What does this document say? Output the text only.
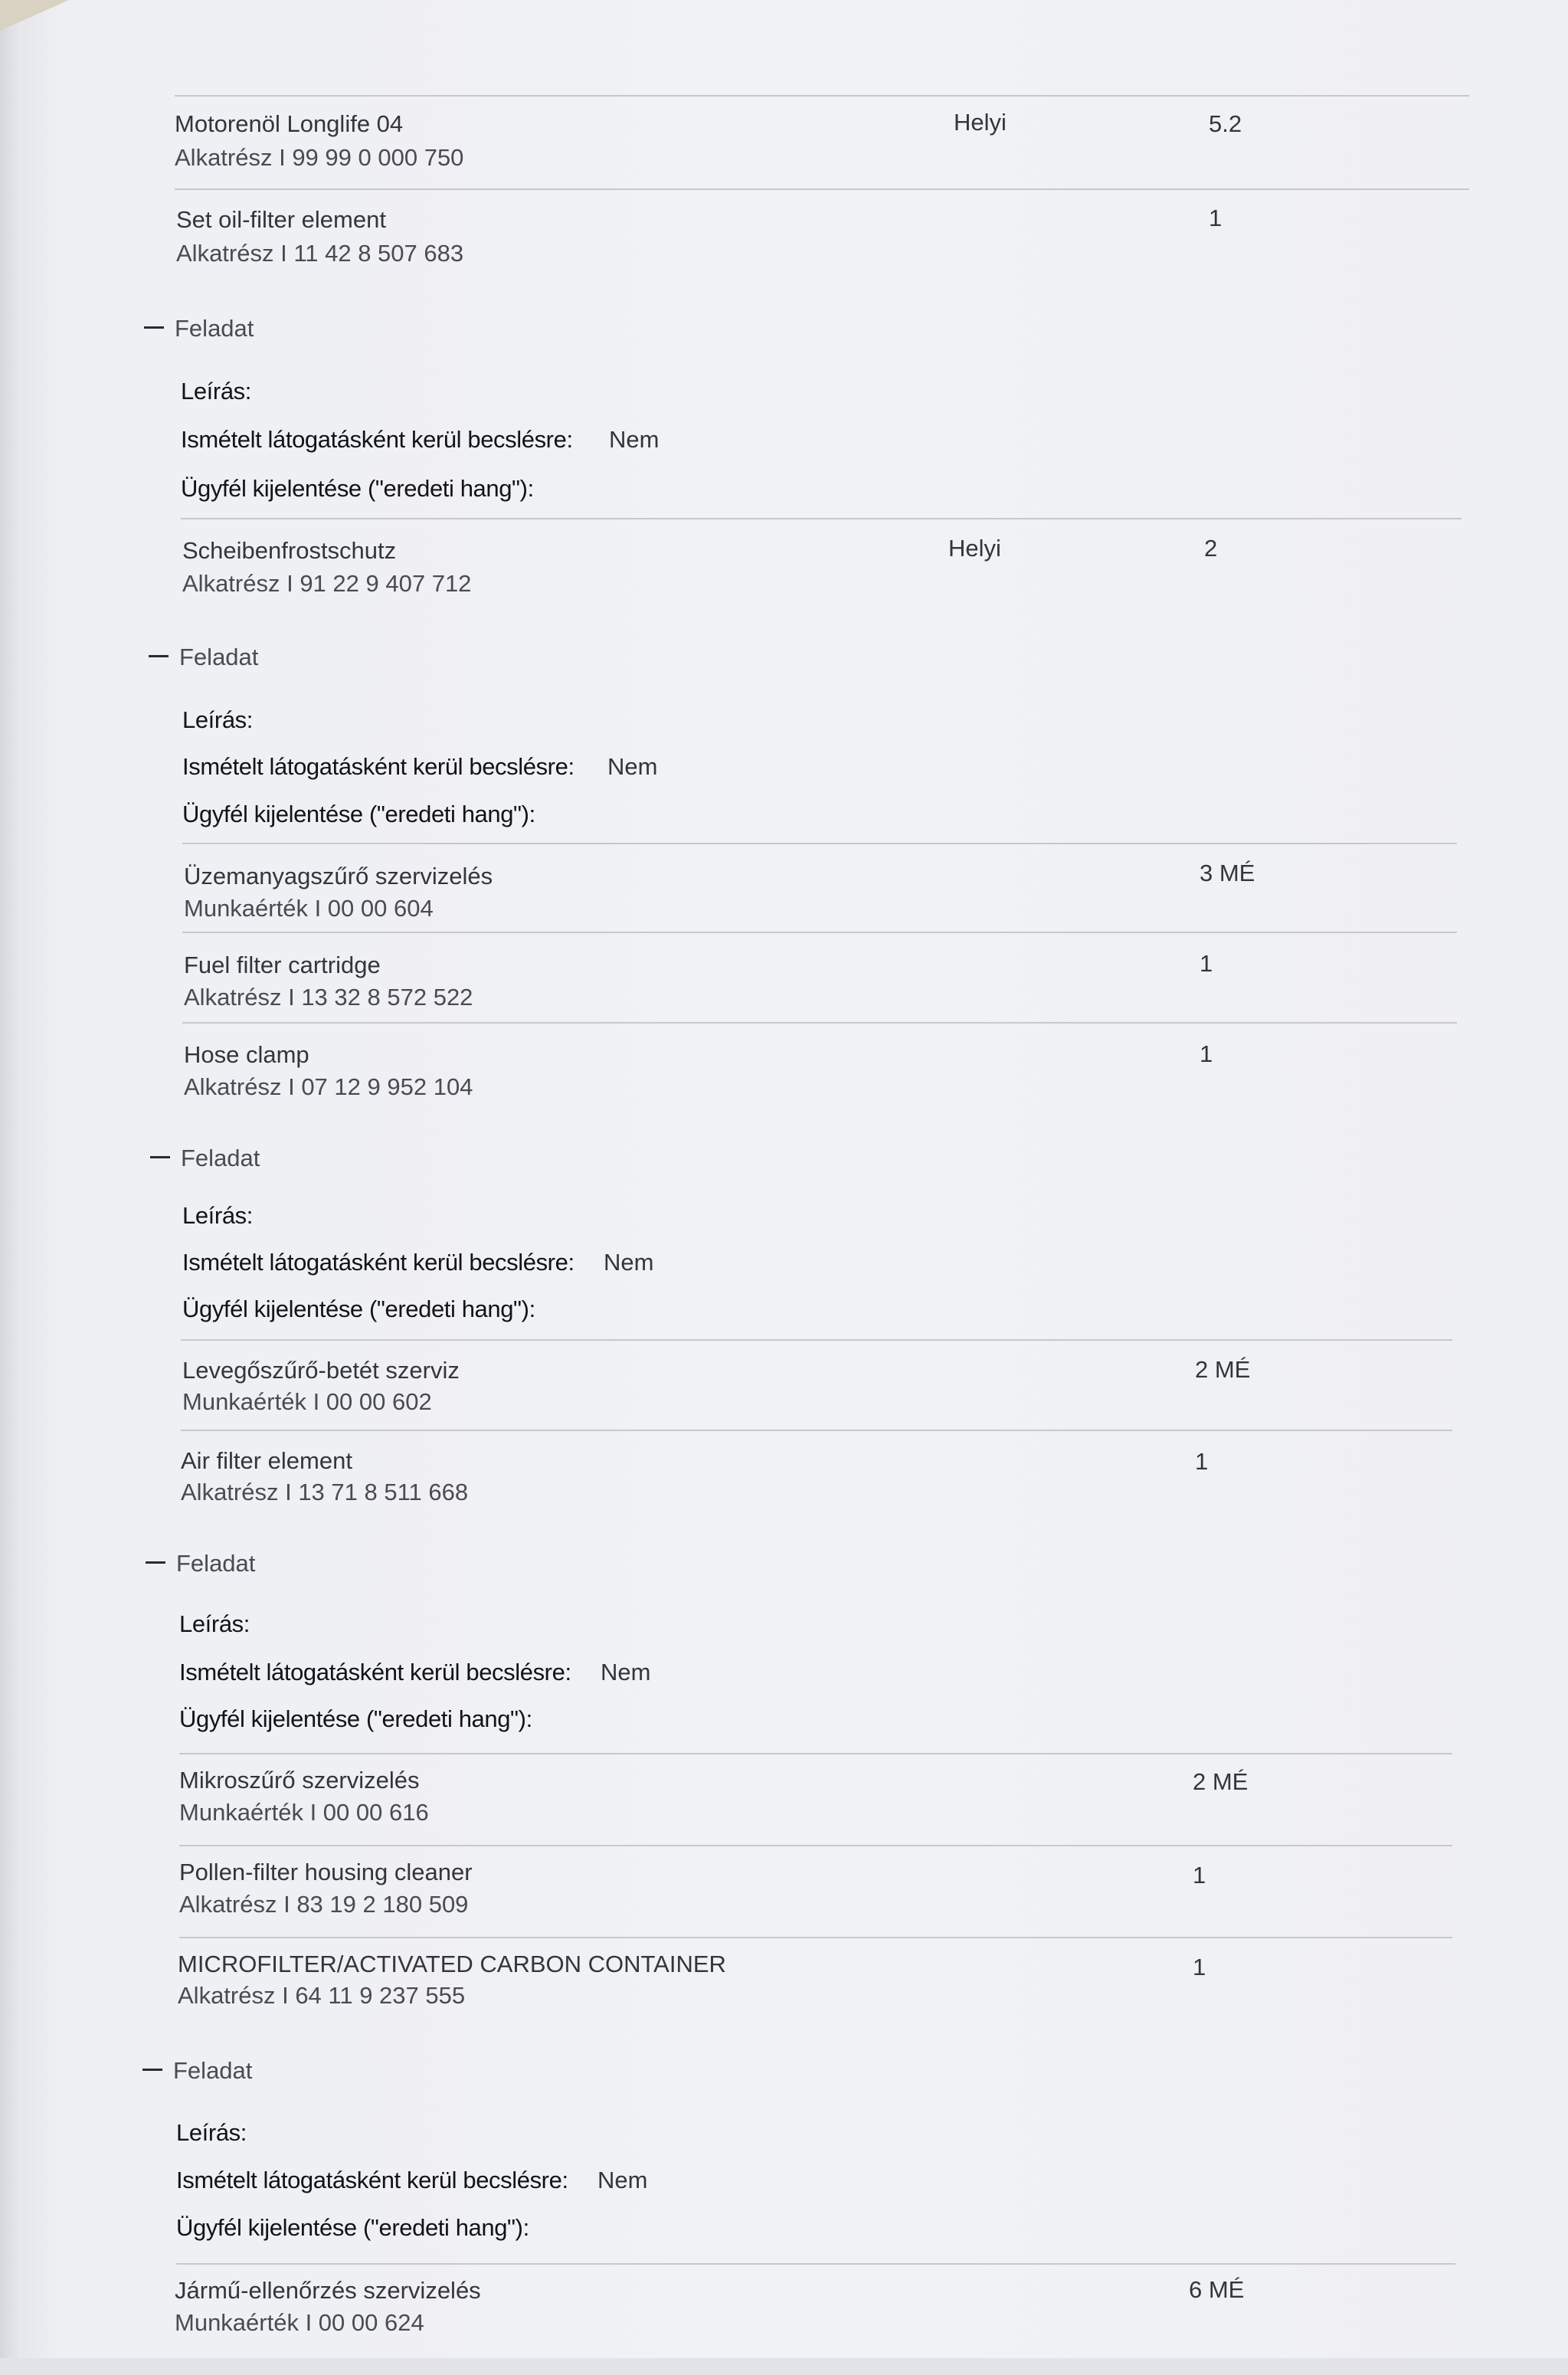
Motorenöl Longlife 04
Alkatrész I 99 99 0 000 750
Helyi	5.2
Set oil-filter element
Alkatrész I 11 42 8 507 683
1
Feladat
Leírás:
Ismételt látogatásként kerül becslésre: Nem
Ügyfél kijelentése ("eredeti hang"):
Scheibenfrostschutz
Alkatrész I 91 22 9 407 712
Helyi	2
Feladat
Leírás:
Ismételt látogatásként kerül becslésre: Nem
Ügyfél kijelentése ("eredeti hang"):
Üzemanyagszűrő szervizelés
Munkaérték I 00 00 604
3 MÉ
Fuel filter cartridge
Alkatrész I 13 32 8 572 522
1
Hose clamp
Alkatrész I 07 12 9 952 104
1
Feladat
Leírás:
Ismételt látogatásként kerül becslésre: Nem
Ügyfél kijelentése ("eredeti hang"):
Levegőszűrő-betét szerviz
Munkaérték I 00 00 602
2 MÉ
Air filter element
Alkatrész I 13 71 8 511 668
1
Feladat
Leírás:
Ismételt látogatásként kerül becslésre: Nem
Ügyfél kijelentése ("eredeti hang"):
Mikroszűrő szervizelés
Munkaérték I 00 00 616
2 MÉ
Pollen-filter housing cleaner
Alkatrész I 83 19 2 180 509
1
MICROFILTER/ACTIVATED CARBON CONTAINER
Alkatrész I 64 11 9 237 555
1
Feladat
Leírás:
Ismételt látogatásként kerül becslésre: Nem
Ügyfél kijelentése ("eredeti hang"):
Jármű-ellenőrzés szervizelés
Munkaérték I 00 00 624
6 MÉ
